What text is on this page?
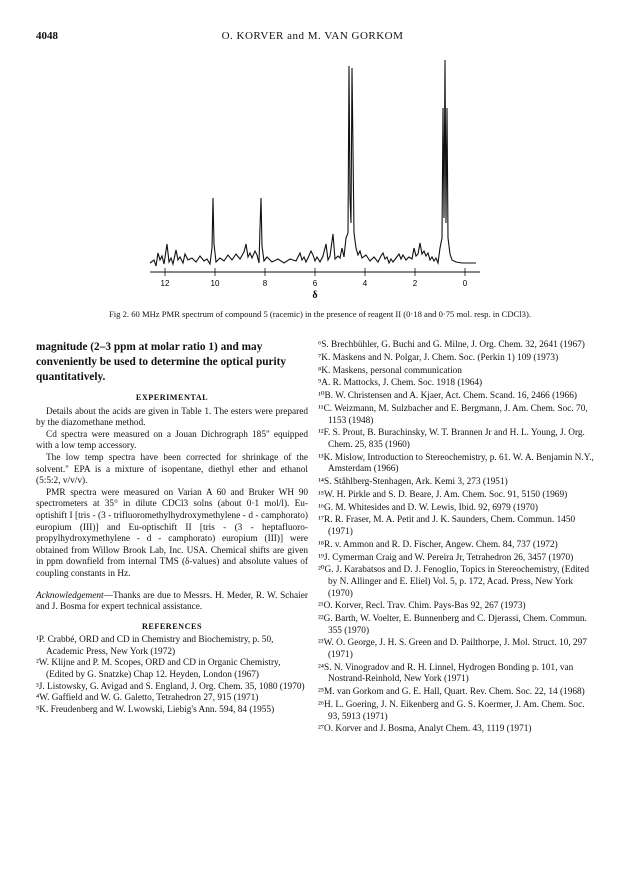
4048	O. KORVER and M. VAN GORKOM
12	10	8	6	4	2	0
δ
Fig 2. 60 MHz PMR spectrum of compound 5 (racemic) in the presence of reagent II (0·18 and 0·75 mol. resp. in CDCl3).
magnitude (2–3 ppm at molar ratio 1) and may conveniently be used to determine the optical purity quantitatively.
EXPERIMENTAL

Details about the acids are given in Table 1. The esters were prepared by the diazomethane method.

Cd spectra were measured on a Jouan Dichrograph 185" equipped with a low temp accessory.

The low temp spectra have been corrected for shrinkage of the solvent." EPA is a mixture of isopentane, diethyl ether and ethanol (5:5:2, v/v/v).

PMR spectra were measured on Varian A 60 and Bruker WH 90 spectrometers at 35° in dilute CDCl3 solns (about 0·1 mol/l). Eu-optishift I [tris - (3 - trifluoromethylhydroxymethylene - d - camphorato) europium (III)] and Eu-optischift II [tris - (3 - heptafluoro-propylhydroxymethylene - d - camphorato) europium (III)] were obtained from Willow Brook Lab, Inc. USA. Chemical shifts are given in ppm downfield from internal TMS (δ-values) and absolute values of coupling constants in Hz.

Acknowledgement—Thanks are due to Messrs. H. Meder, R. W. Schaier and J. Bosma for expert technical assistance.

REFERENCES

¹P. Crabbé, ORD and CD in Chemistry and Biochemistry, p. 50, Academic Press, New York (1972)

²W. Klijne and P. M. Scopes, ORD and CD in Organic Chemistry, (Edited by G. Snatzke) Chap 12. Heyden, London (1967)

³J. Listowsky, G. Avigad and S. England, J. Org. Chem. 35, 1080 (1970)

⁴W. Gaffield and W. G. Galetto, Tetrahedron 27, 915 (1971)

⁵K. Freudenberg and W. Lwowski, Liebig's Ann. 594, 84 (1955)

⁶S. Brechbühler, G. Buchi and G. Milne, J. Org. Chem. 32, 2641 (1967)

⁷K. Maskens and N. Polgar, J. Chem. Soc. (Perkin 1) 109 (1973)

⁸K. Maskens, personal communication

⁹A. R. Mattocks, J. Chem. Soc. 1918 (1964)

¹⁰B. W. Christensen and A. Kjaer, Act. Chem. Scand. 16, 2466 (1966)

¹¹C. Weizmann, M. Sulzbacher and E. Bergmann, J. Am. Chem. Soc. 70, 1153 (1948)

¹²F. S. Prout, B. Burachinsky, W. T. Brannen Jr and H. L. Young, J. Org. Chem. 25, 835 (1960)

¹³K. Mislow, Introduction to Stereochemistry, p. 61. W. A. Benjamin N.Y., Amsterdam (1966)

¹⁴S. Ståhlberg-Stenhagen, Ark. Kemi 3, 273 (1951)

¹⁵W. H. Pirkle and S. D. Beare, J. Am. Chem. Soc. 91, 5150 (1969)

¹⁶G. M. Whitesides and D. W. Lewis, Ibid. 92, 6979 (1970)

¹⁷R. R. Fraser, M. A. Petit and J. K. Saunders, Chem. Commun. 1450 (1971)

¹⁸R. v. Ammon and R. D. Fischer, Angew. Chem. 84, 737 (1972)

¹⁹J. Cymerman Craig and W. Pereira Jr, Tetrahedron 26, 3457 (1970)

²⁰G. J. Karabatsos and D. J. Fenoglio, Topics in Stereochemistry, (Edited by N. Allinger and E. Eliel) Vol. 5, p. 172, Acad. Press, New York (1970)

²¹O. Korver, Recl. Trav. Chim. Pays-Bas 92, 267 (1973)

²²G. Barth, W. Voelter, E. Bunnenberg and C. Djerassi, Chem. Commun. 355 (1970)

²³W. O. George, J. H. S. Green and D. Pailthorpe, J. Mol. Struct. 10, 297 (1971)

²⁴S. N. Vinogradov and R. H. Linnel, Hydrogen Bonding p. 101, van Nostrand-Reinhold, New York (1971)

²⁵M. van Gorkom and G. E. Hall, Quart. Rev. Chem. Soc. 22, 14 (1968)

²⁶H. L. Goering, J. N. Eikenberg and G. S. Koermer, J. Am. Chem. Soc. 93, 5913 (1971)

²⁷O. Korver and J. Bosma, Analyt Chem. 43, 1119 (1971)
